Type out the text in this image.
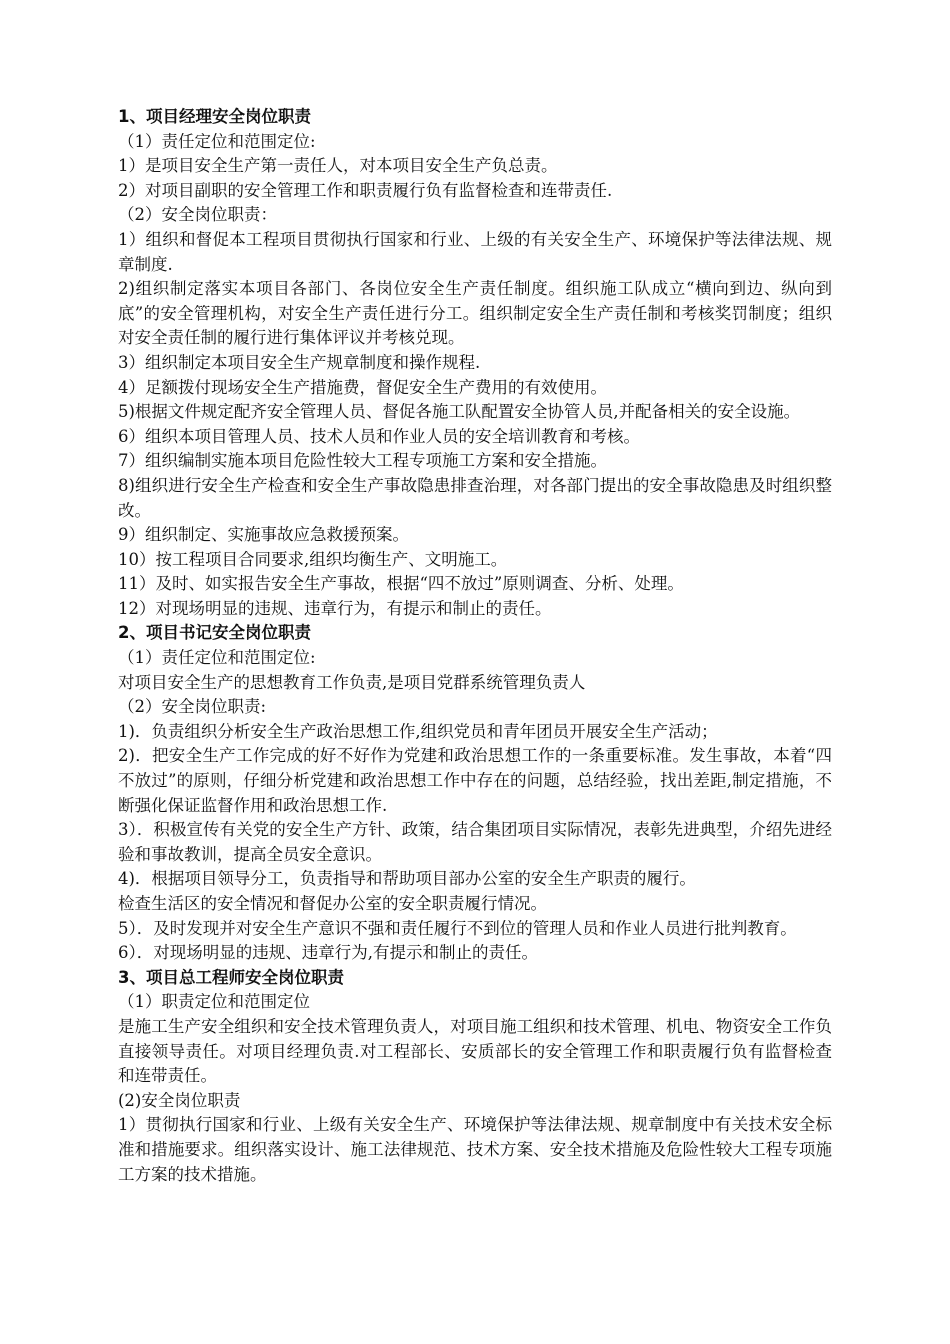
1、项目经理安全岗位职责
（1）责任定位和范围定位:
1）是项目安全生产第一责任人，对本项目安全生产负总责。
2）对项目副职的安全管理工作和职责履行负有监督检查和连带责任.
（2）安全岗位职责：
1）组织和督促本工程项目贯彻执行国家和行业、上级的有关安全生产、环境保护等法律法规、规章制度.
2)组织制定落实本项目各部门、各岗位安全生产责任制度。组织施工队成立“横向到边、纵向到底”的安全管理机构，对安全生产责任进行分工。组织制定安全生产责任制和考核奖罚制度；组织对安全责任制的履行进行集体评议并考核兑现。
3）组织制定本项目安全生产规章制度和操作规程.
4）足额拨付现场安全生产措施费，督促安全生产费用的有效使用。
5)根据文件规定配齐安全管理人员、督促各施工队配置安全协管人员,并配备相关的安全设施。
6）组织本项目管理人员、技术人员和作业人员的安全培训教育和考核。
7）组织编制实施本项目危险性较大工程专项施工方案和安全措施。
8)组织进行安全生产检查和安全生产事故隐患排查治理，对各部门提出的安全事故隐患及时组织整改。
9）组织制定、实施事故应急救援预案。
10）按工程项目合同要求,组织均衡生产、文明施工。
11）及时、如实报告安全生产事故，根据“四不放过”原则调查、分析、处理。
12）对现场明显的违规、违章行为，有提示和制止的责任。
2、项目书记安全岗位职责
（1）责任定位和范围定位:
对项目安全生产的思想教育工作负责,是项目党群系统管理负责人
（2）安全岗位职责:
1)．负责组织分析安全生产政治思想工作,组织党员和青年团员开展安全生产活动；
2)．把安全生产工作完成的好不好作为党建和政治思想工作的一条重要标准。发生事故，本着“四不放过”的原则，仔细分析党建和政治思想工作中存在的问题，总结经验，找出差距,制定措施，不断强化保证监督作用和政治思想工作.
3）．积极宣传有关党的安全生产方针、政策，结合集团项目实际情况，表彰先进典型，介绍先进经验和事故教训，提高全员安全意识。
4)．根据项目领导分工，负责指导和帮助项目部办公室的安全生产职责的履行。
检查生活区的安全情况和督促办公室的安全职责履行情况。
5）．及时发现并对安全生产意识不强和责任履行不到位的管理人员和作业人员进行批判教育。
6）．对现场明显的违规、违章行为,有提示和制止的责任。
3、项目总工程师安全岗位职责
（1）职责定位和范围定位
是施工生产安全组织和安全技术管理负责人，对项目施工组织和技术管理、机电、物资安全工作负直接领导责任。对项目经理负责.对工程部长、安质部长的安全管理工作和职责履行负有监督检查和连带责任。
(2)安全岗位职责
1）贯彻执行国家和行业、上级有关安全生产、环境保护等法律法规、规章制度中有关技术安全标准和措施要求。组织落实设计、施工法律规范、技术方案、安全技术措施及危险性较大工程专项施工方案的技术措施。
